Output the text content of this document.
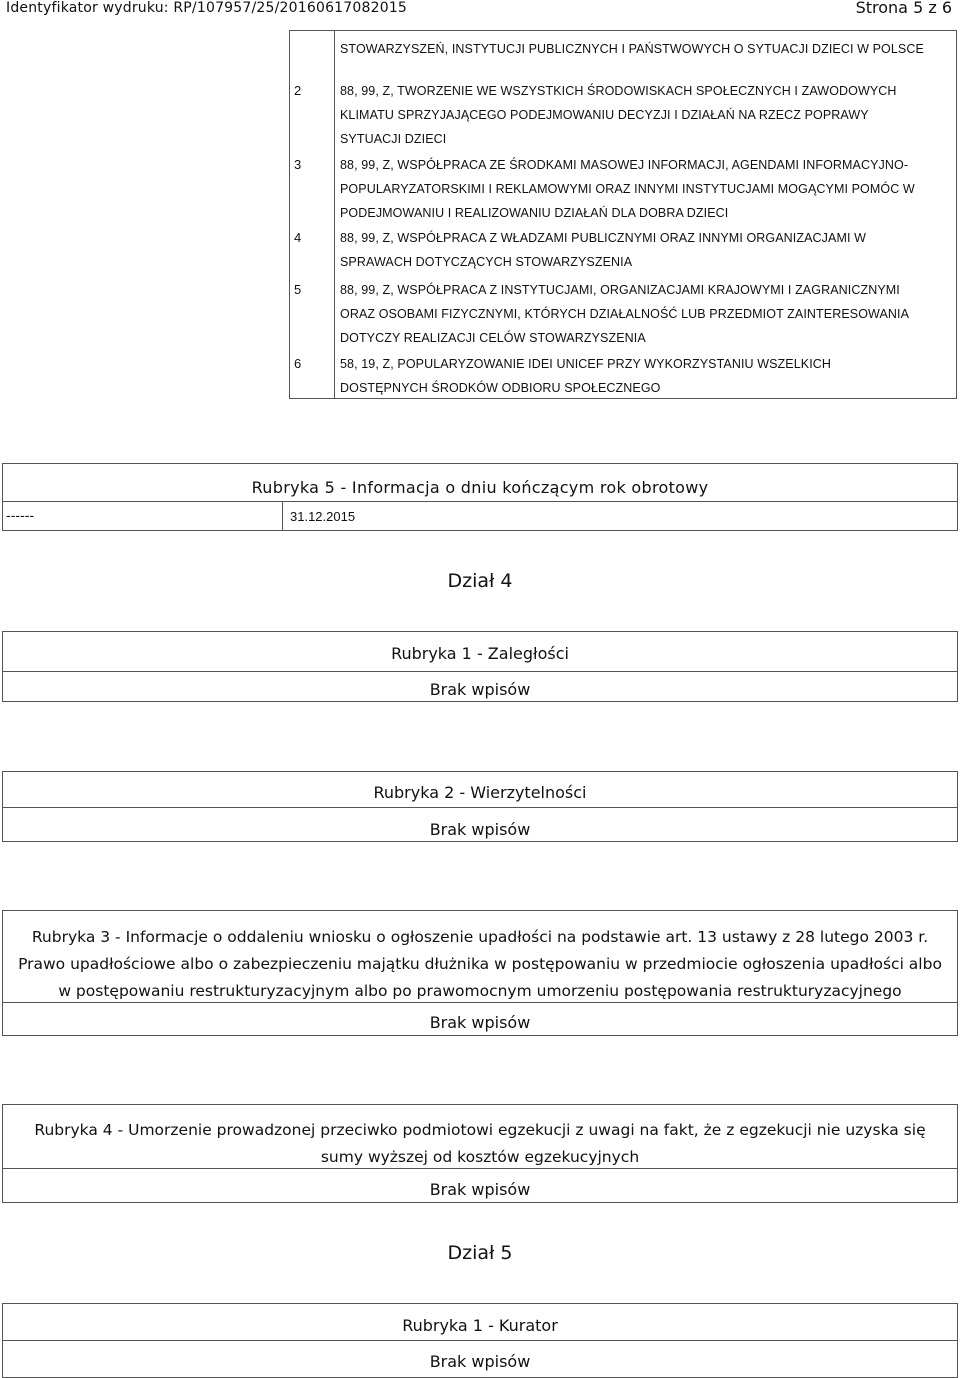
Identyfikator wydruku: RP/107957/25/20160617082015	Strona 5 z 6
STOWARZYSZEŃ, INSTYTUCJI PUBLICZNYCH I PAŃSTWOWYCH O SYTUACJI DZIECI W POLSCE
2	88, 99, Z, TWORZENIE WE WSZYSTKICH ŚRODOWISKACH SPOŁECZNYCH I ZAWODOWYCH
KLIMATU SPRZYJAJĄCEGO PODEJMOWANIU DECYZJI I DZIAŁAŃ NA RZECZ POPRAWY
SYTUACJI DZIECI
3	88, 99, Z, WSPÓŁPRACA ZE ŚRODKAMI MASOWEJ INFORMACJI, AGENDAMI INFORMACYJNO-
POPULARYZATORSKIMI I REKLAMOWYMI ORAZ INNYMI INSTYTUCJAMI MOGĄCYMI POMÓC W
PODEJMOWANIU I REALIZOWANIU DZIAŁAŃ DLA DOBRA DZIECI
4	88, 99, Z, WSPÓŁPRACA Z WŁADZAMI PUBLICZNYMI ORAZ INNYMI ORGANIZACJAMI W
SPRAWACH DOTYCZĄCYCH STOWARZYSZENIA
5	88, 99, Z, WSPÓŁPRACA Z INSTYTUCJAMI, ORGANIZACJAMI KRAJOWYMI I ZAGRANICZNYMI
ORAZ OSOBAMI FIZYCZNYMI, KTÓRYCH DZIAŁALNOŚĆ LUB PRZEDMIOT ZAINTERESOWANIA
DOTYCZY REALIZACJI CELÓW STOWARZYSZENIA
6	58, 19, Z, POPULARYZOWANIE IDEI UNICEF PRZY WYKORZYSTANIU WSZELKICH
DOSTĘPNYCH ŚRODKÓW ODBIORU SPOŁECZNEGO
Rubryka 5 - Informacja o dniu kończącym rok obrotowy
------	31.12.2015
Dział 4
Rubryka 1 - Zaległości
Brak wpisów
Rubryka 2 - Wierzytelności
Brak wpisów
Rubryka 3 - Informacje o oddaleniu wniosku o ogłoszenie upadłości na podstawie art. 13 ustawy z 28 lutego 2003 r.
Prawo upadłościowe albo o zabezpieczeniu majątku dłużnika w postępowaniu w przedmiocie ogłoszenia upadłości albo
w postępowaniu restrukturyzacyjnym albo po prawomocnym umorzeniu postępowania restrukturyzacyjnego
Brak wpisów
Rubryka 4 - Umorzenie prowadzonej przeciwko podmiotowi egzekucji z uwagi na fakt, że z egzekucji nie uzyska się
sumy wyższej od kosztów egzekucyjnych
Brak wpisów
Dział 5
Rubryka 1 - Kurator
Brak wpisów
